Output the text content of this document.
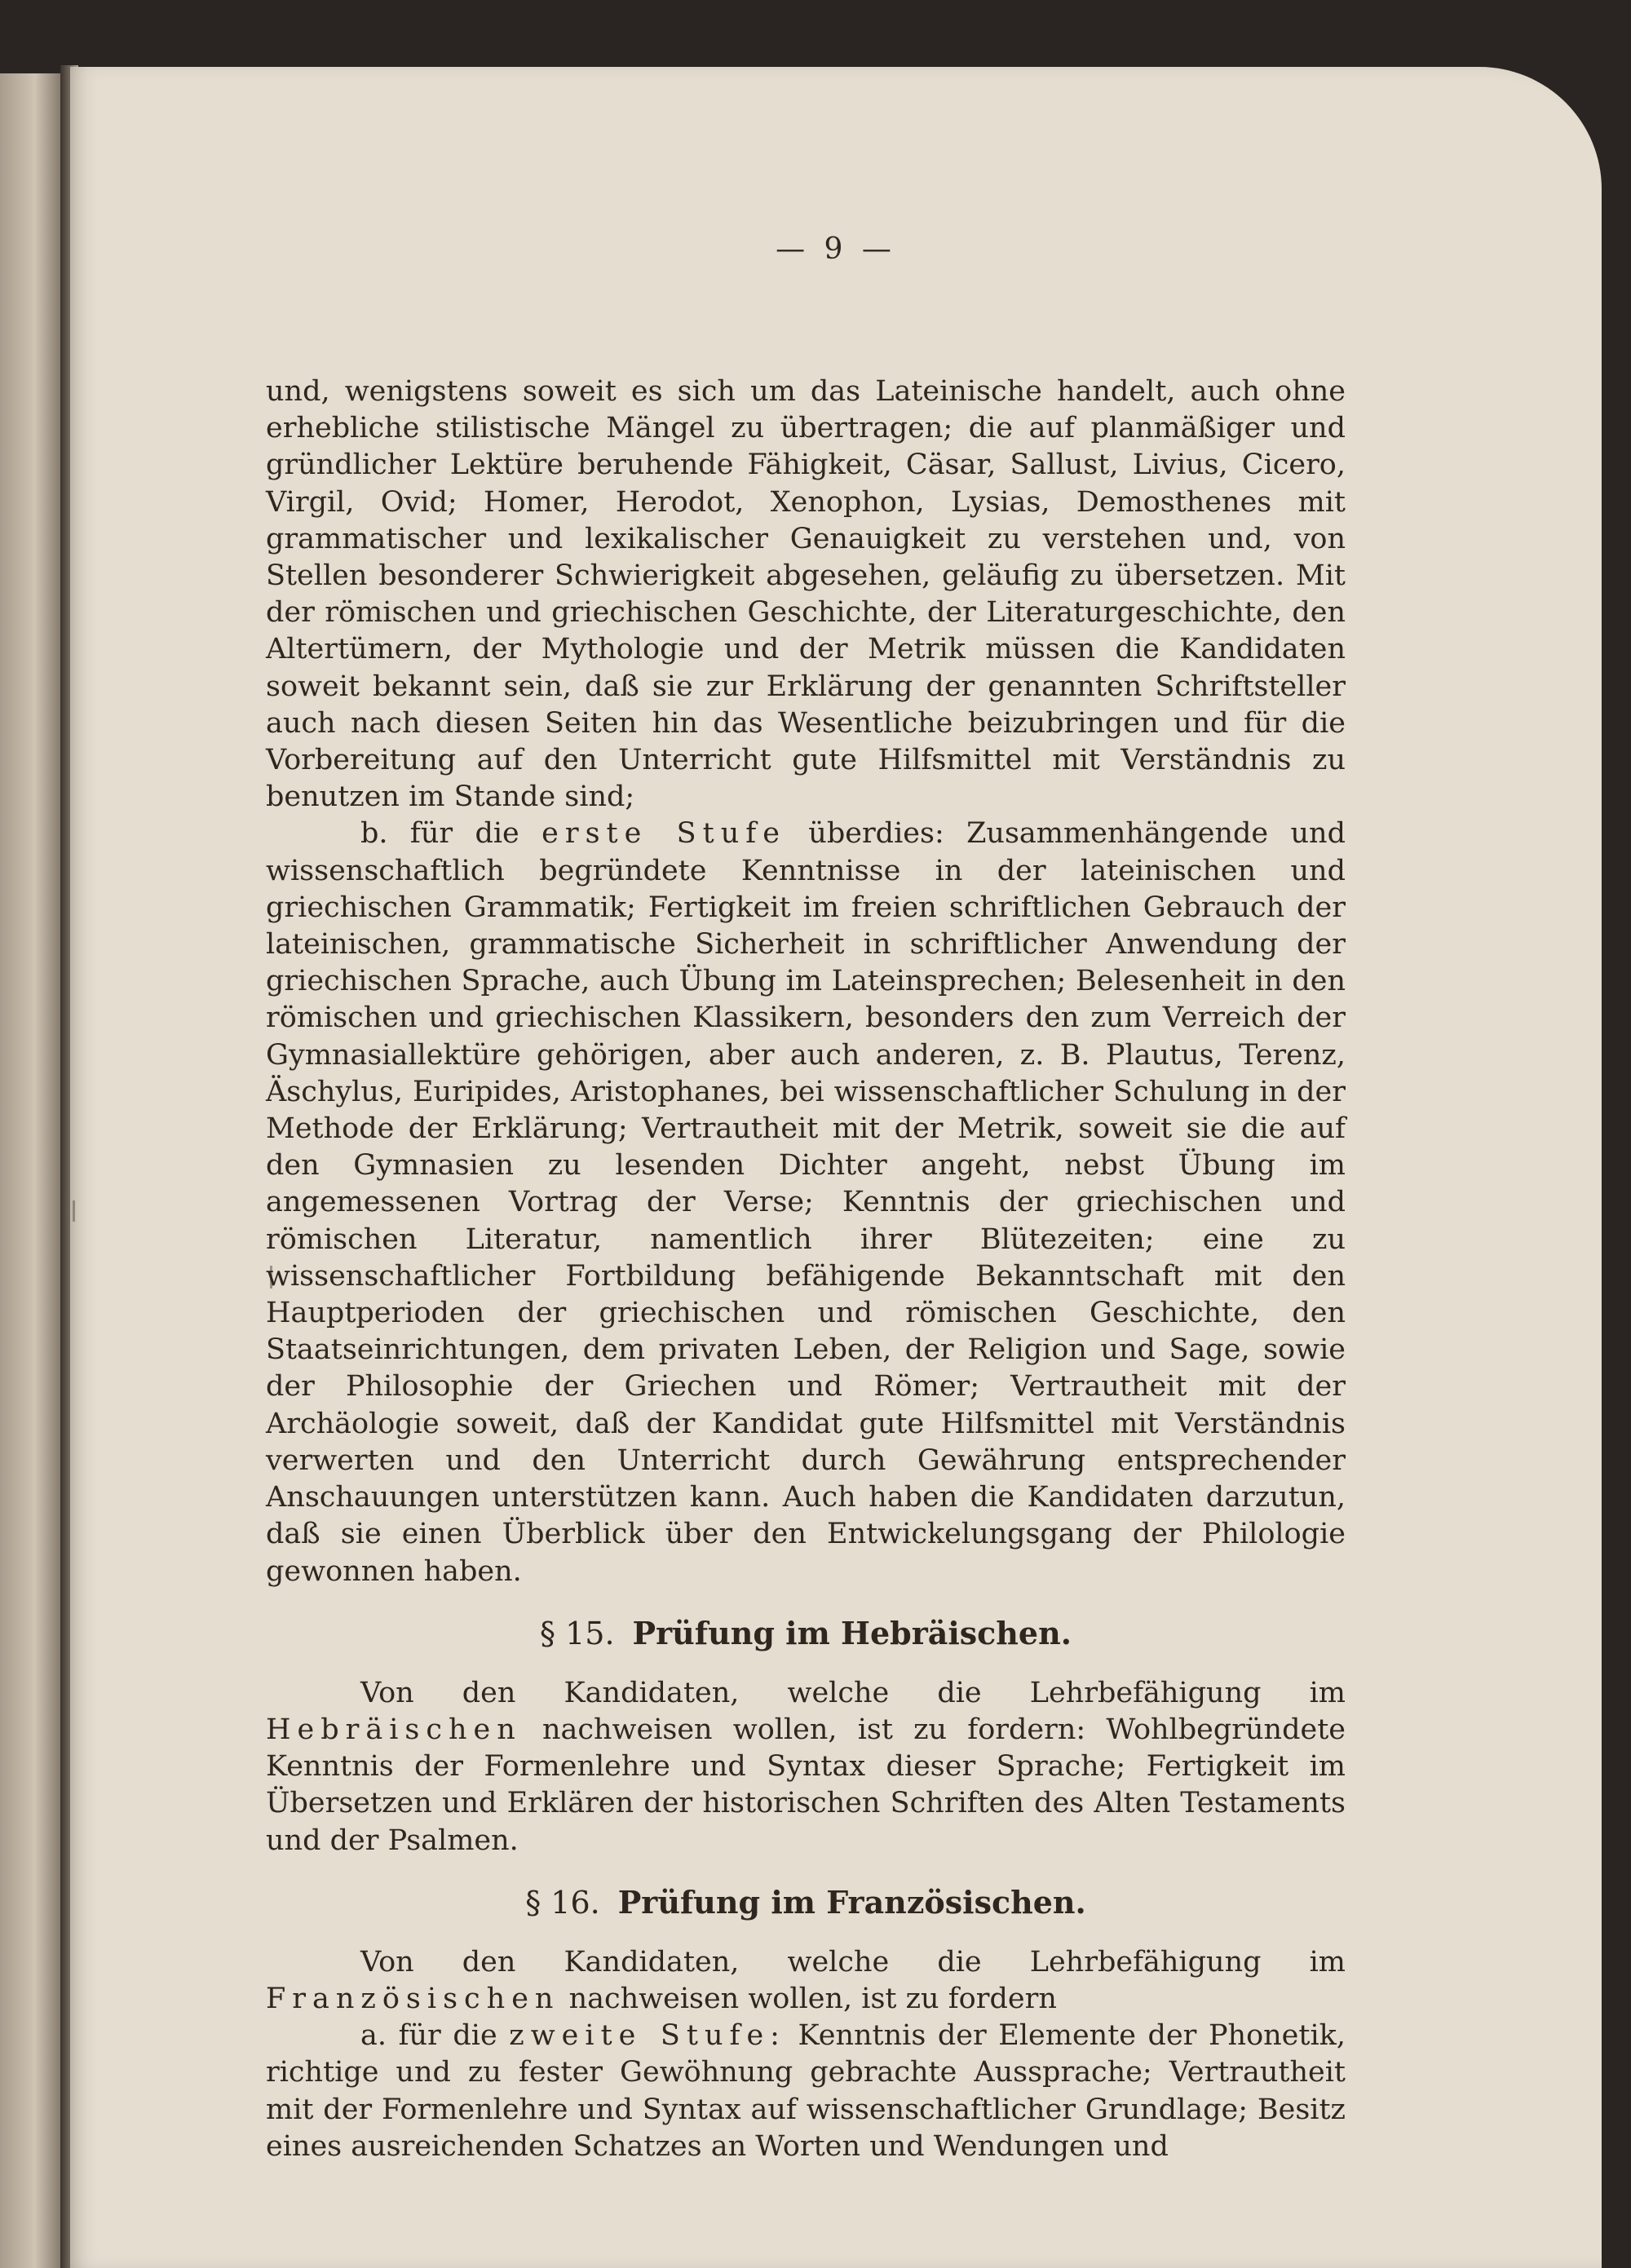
— 9 —

und, wenigstens soweit es sich um das Lateinische handelt, auch ohne erhebliche stilistische Mängel zu übertragen; die auf planmäßiger und gründlicher Lektüre beruhende Fähigkeit, Cäsar, Sallust, Livius, Cicero, Virgil, Ovid; Homer, Herodot, Xenophon, Lysias, Demosthenes mit grammatischer und lexikalischer Genauigkeit zu verstehen und, von Stellen besonderer Schwierigkeit abgesehen, geläufig zu übersetzen. Mit der römischen und griechischen Geschichte, der Literaturgeschichte, den Altertümern, der Mythologie und der Metrik müssen die Kandidaten soweit bekannt sein, daß sie zur Erklärung der genannten Schriftsteller auch nach diesen Seiten hin das Wesentliche beizubringen und für die Vorbereitung auf den Unterricht gute Hilfsmittel mit Verständnis zu benutzen im Stande sind;

b. für die erste Stufe überdies: Zusammenhängende und wissenschaftlich begründete Kenntnisse in der lateinischen und griechischen Grammatik; Fertigkeit im freien schriftlichen Gebrauch der lateinischen, grammatische Sicherheit in schriftlicher Anwendung der griechischen Sprache, auch Übung im Lateinsprechen; Belesenheit in den römischen und griechischen Klassikern, besonders den zum Verreich der Gymnasiallektüre gehörigen, aber auch anderen, z. B. Plautus, Terenz, Äschylus, Euripides, Aristophanes, bei wissenschaftlicher Schulung in der Methode der Erklärung; Vertrautheit mit der Metrik, soweit sie die auf den Gymnasien zu lesenden Dichter angeht, nebst Übung im angemessenen Vortrag der Verse; Kenntnis der griechischen und römischen Literatur, namentlich ihrer Blütezeiten; eine zu wissenschaftlicher Fortbildung befähigende Bekanntschaft mit den Hauptperioden der griechischen und römischen Geschichte, den Staatseinrichtungen, dem privaten Leben, der Religion und Sage, sowie der Philosophie der Griechen und Römer; Vertrautheit mit der Archäologie soweit, daß der Kandidat gute Hilfsmittel mit Verständnis verwerten und den Unterricht durch Gewährung entsprechender Anschauungen unterstützen kann. Auch haben die Kandidaten darzutun, daß sie einen Überblick über den Entwickelungsgang der Philologie gewonnen haben.

§ 15. Prüfung im Hebräischen.

Von den Kandidaten, welche die Lehrbefähigung im Hebräischen nachweisen wollen, ist zu fordern: Wohlbegründete Kenntnis der Formenlehre und Syntax dieser Sprache; Fertigkeit im Übersetzen und Erklären der historischen Schriften des Alten Testaments und der Psalmen.

§ 16. Prüfung im Französischen.

Von den Kandidaten, welche die Lehrbefähigung im Französischen nachweisen wollen, ist zu fordern

a. für die zweite Stufe: Kenntnis der Elemente der Phonetik, richtige und zu fester Gewöhnung gebrachte Aussprache; Vertrautheit mit der Formenlehre und Syntax auf wissenschaftlicher Grundlage; Besitz eines ausreichenden Schatzes an Worten und Wendungen und
